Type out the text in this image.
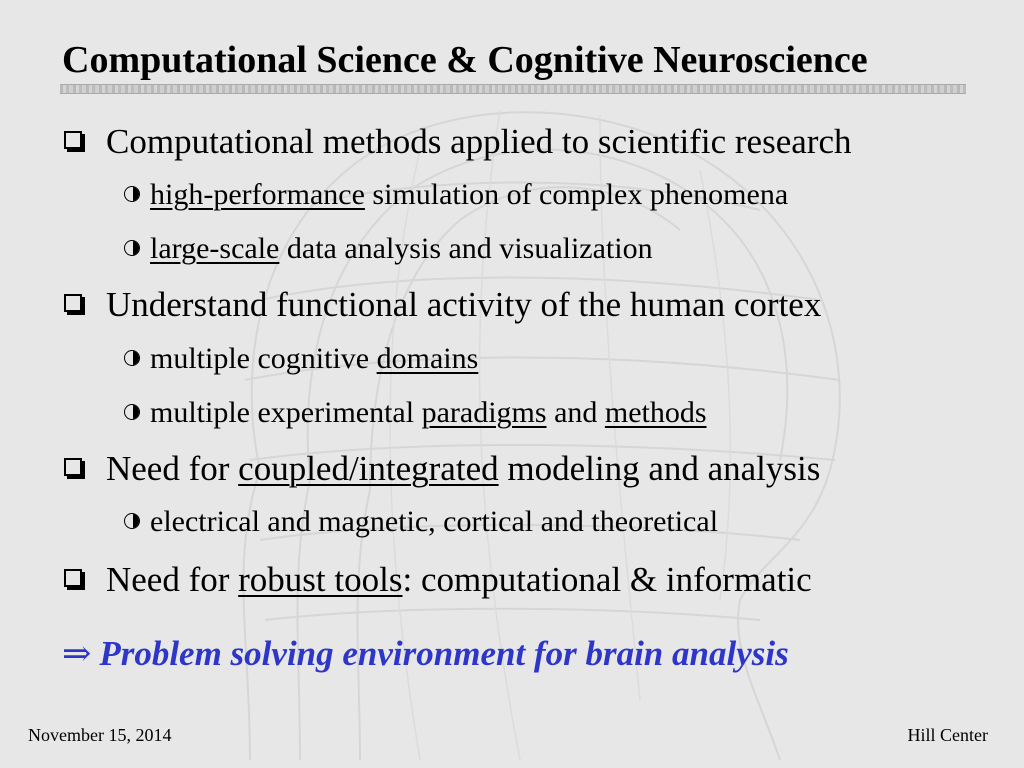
Computational Science & Cognitive Neuroscience
Computational methods applied to scientific research
high-performance simulation of complex phenomena
large-scale data analysis and visualization
Understand functional activity of the human cortex
multiple cognitive domains
multiple experimental paradigms and methods
Need for coupled/integrated modeling and analysis
electrical and magnetic, cortical and theoretical
Need for robust tools : computational & informatic
⇒ Problem solving environment for brain analysis
November 15, 2014	Hill Center
